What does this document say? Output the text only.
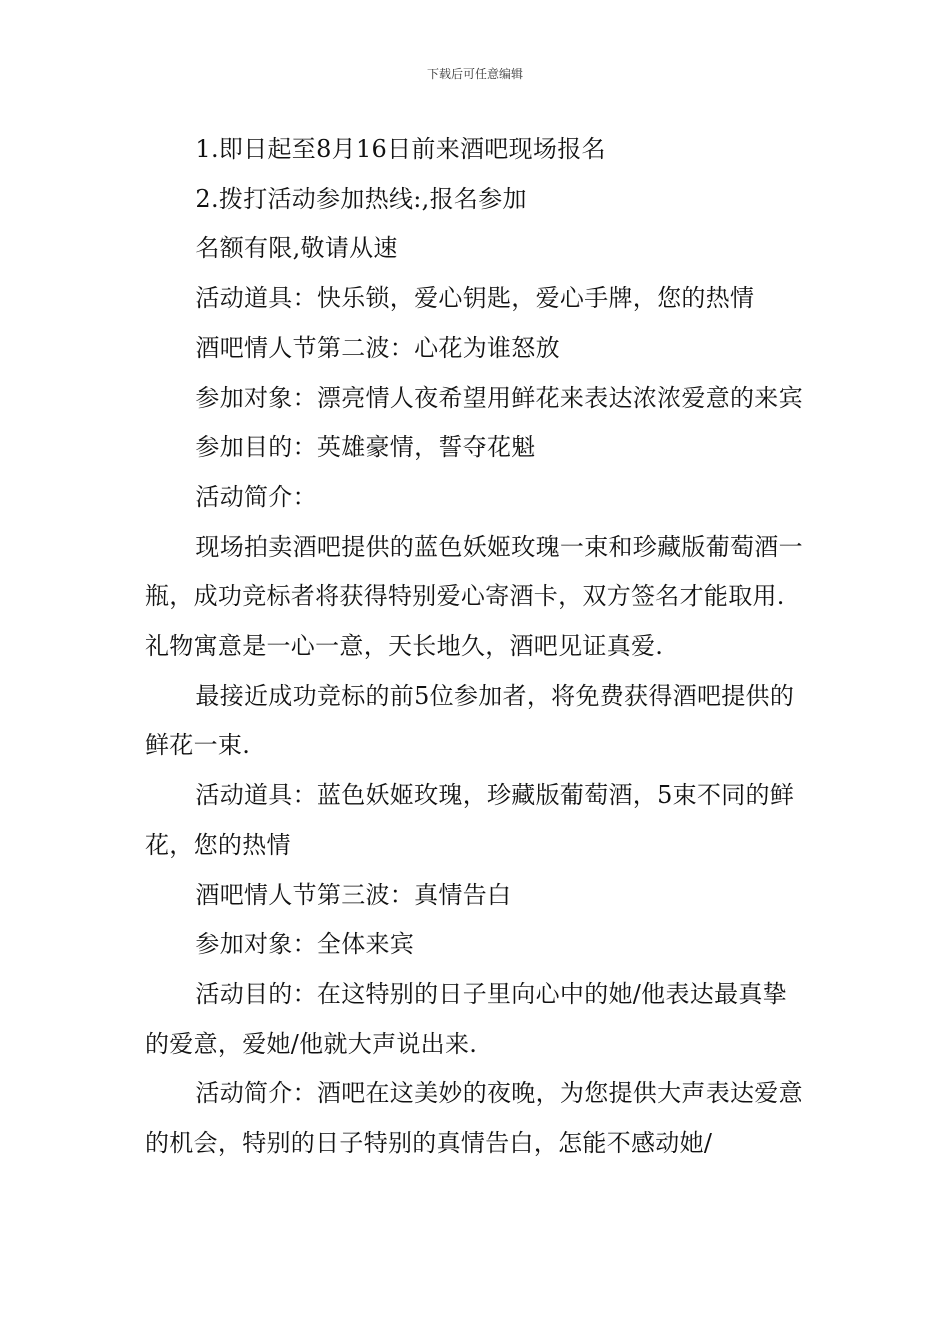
下载后可任意编辑

1.即日起至8月16日前来酒吧现场报名

2.拨打活动参加热线:,报名参加

名额有限,敬请从速

活动道具：快乐锁，爱心钥匙，爱心手牌，您的热情

酒吧情人节第二波：心花为谁怒放

参加对象：漂亮情人夜希望用鲜花来表达浓浓爱意的来宾

参加目的：英雄豪情，誓夺花魁

活动简介：

现场拍卖酒吧提供的蓝色妖姬玫瑰一束和珍藏版葡萄酒一瓶，成功竞标者将获得特别爱心寄酒卡，双方签名才能取用.礼物寓意是一心一意，天长地久，酒吧见证真爱.

最接近成功竞标的前5位参加者，将免费获得酒吧提供的鲜花一束.

活动道具：蓝色妖姬玫瑰，珍藏版葡萄酒，5束不同的鲜花，您的热情

酒吧情人节第三波：真情告白

参加对象：全体来宾

活动目的：在这特别的日子里向心中的她/他表达最真挚的爱意，爱她/他就大声说出来.

活动简介：酒吧在这美妙的夜晚，为您提供大声表达爱意的机会，特别的日子特别的真情告白，怎能不感动她/
